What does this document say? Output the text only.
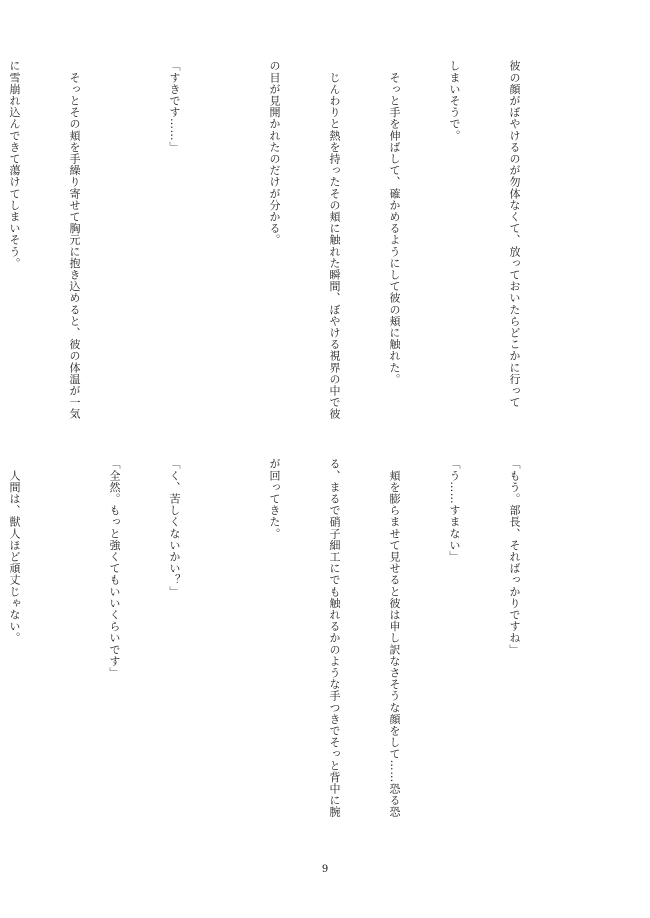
彼の顔がぼやけるのが勿体なくて、放っておいたらどこかに行って

しまいそうで。

　そっと手を伸ばして、確かめるようにして彼の頬に触れた。

　じんわりと熱を持ったその頬に触れた瞬間、ぼやける視界の中で彼

の目が見開かれたのだけが分かる。

「すきです……」

　そっとその頬を手繰り寄せて胸元に抱き込めると、彼の体温が一気

に雪崩れ込んできて蕩けてしまいそう。

「もう。部長、そればっかりですね」

「う……すまない」

　頬を膨らませて見せると彼は申し訳なさそうな顔をして……恐る恐

る、まるで硝子細工にでも触れるかのような手つきでそっと背中に腕

が回ってきた。

「く、苦しくないかい？」

「全然。もっと強くてもいいくらいです」

　人間は、獣人ほど頑丈じゃない。

9
